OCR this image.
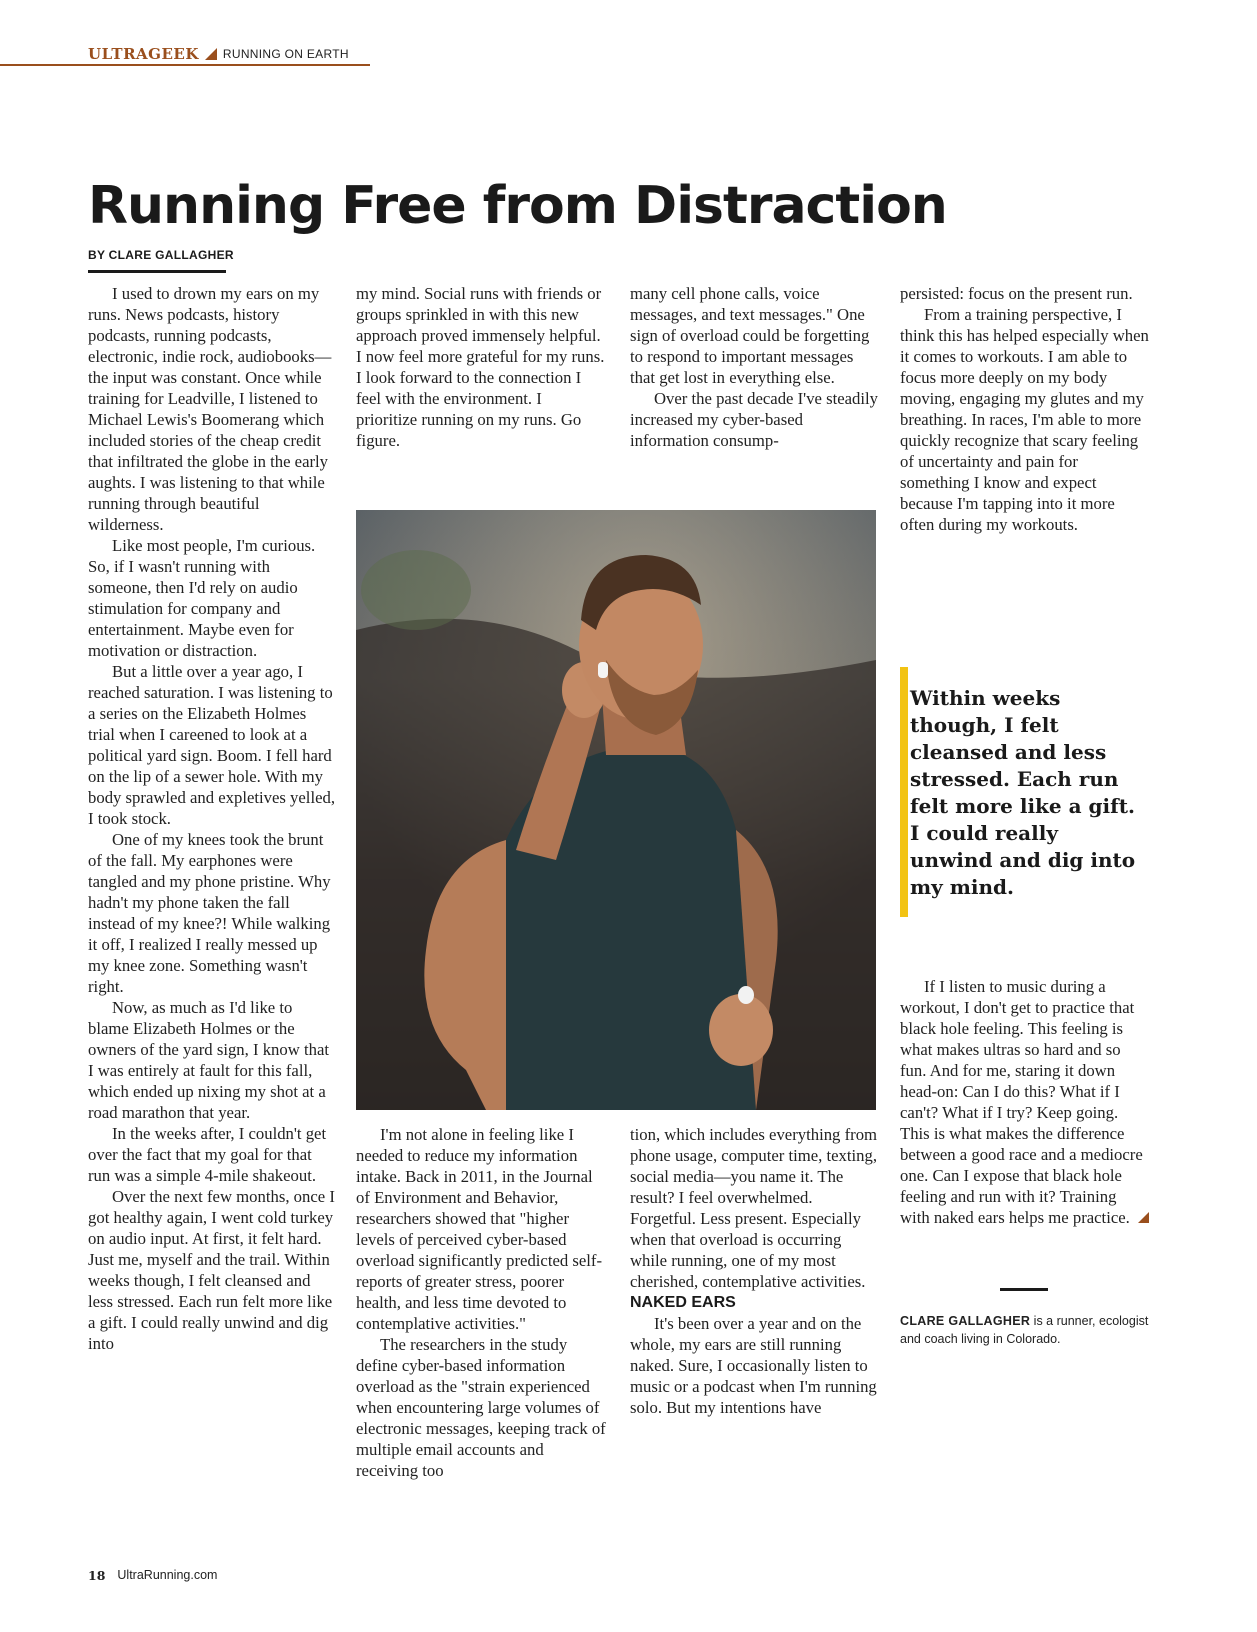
ULTRAGEEK RUNNING ON EARTH
Running Free from Distraction
BY CLARE GALLAGHER

I used to drown my ears on my runs. News podcasts, history podcasts, running podcasts, electronic, indie rock, audiobooks—the input was constant. Once while training for Leadville, I listened to Michael Lewis's Boomerang which included stories of the cheap credit that infiltrated the globe in the early aughts. I was listening to that while running through beautiful wilderness.

Like most people, I'm curious. So, if I wasn't running with someone, then I'd rely on audio stimulation for company and entertainment. Maybe even for motivation or distraction.

But a little over a year ago, I reached saturation. I was listening to a series on the Elizabeth Holmes trial when I careened to look at a political yard sign. Boom. I fell hard on the lip of a sewer hole. With my body sprawled and expletives yelled, I took stock.

One of my knees took the brunt of the fall. My earphones were tangled and my phone pristine. Why hadn't my phone taken the fall instead of my knee?! While walking it off, I realized I really messed up my knee zone. Something wasn't right.

Now, as much as I'd like to blame Elizabeth Holmes or the owners of the yard sign, I know that I was entirely at fault for this fall, which ended up nixing my shot at a road marathon that year.

In the weeks after, I couldn't get over the fact that my goal for that run was a simple 4-mile shakeout.

Over the next few months, once I got healthy again, I went cold turkey on audio input. At first, it felt hard. Just me, myself and the trail. Within weeks though, I felt cleansed and less stressed. Each run felt more like a gift. I could really unwind and dig into

my mind. Social runs with friends or groups sprinkled in with this new approach proved immensely helpful. I now feel more grateful for my runs. I look forward to the connection I feel with the environment. I prioritize running on my runs. Go figure.

many cell phone calls, voice messages, and text messages." One sign of overload could be forgetting to respond to important messages that get lost in everything else.

Over the past decade I've steadily increased my cyber-based information consump-

I'm not alone in feeling like I needed to reduce my information intake. Back in 2011, in the Journal of Environment and Behavior, researchers showed that "higher levels of perceived cyber-based overload significantly predicted self-reports of greater stress, poorer health, and less time devoted to contemplative activities."

The researchers in the study define cyber-based information overload as the "strain experienced when encountering large volumes of electronic messages, keeping track of multiple email accounts and receiving too

tion, which includes everything from phone usage, computer time, texting, social media—you name it. The result? I feel overwhelmed. Forgetful. Less present. Especially when that overload is occurring while running, one of my most cherished, contemplative activities.

NAKED EARS

It's been over a year and on the whole, my ears are still running naked. Sure, I occasionally listen to music or a podcast when I'm running solo. But my intentions have

persisted: focus on the present run.

From a training perspective, I think this has helped especially when it comes to workouts. I am able to focus more deeply on my body moving, engaging my glutes and my breathing. In races, I'm able to more quickly recognize that scary feeling of uncertainty and pain for something I know and expect because I'm tapping into it more often during my workouts.

Within weeks though, I felt cleansed and less stressed. Each run felt more like a gift. I could really unwind and dig into my mind.

If I listen to music during a workout, I don't get to practice that black hole feeling. This feeling is what makes ultras so hard and so fun. And for me, staring it down head-on: Can I do this? What if I can't? What if I try? Keep going. This is what makes the difference between a good race and a mediocre one. Can I expose that black hole feeling and run with it? Training with naked ears helps me practice.

CLARE GALLAGHER is a runner, ecologist and coach living in Colorado.
18 UltraRunning.com
